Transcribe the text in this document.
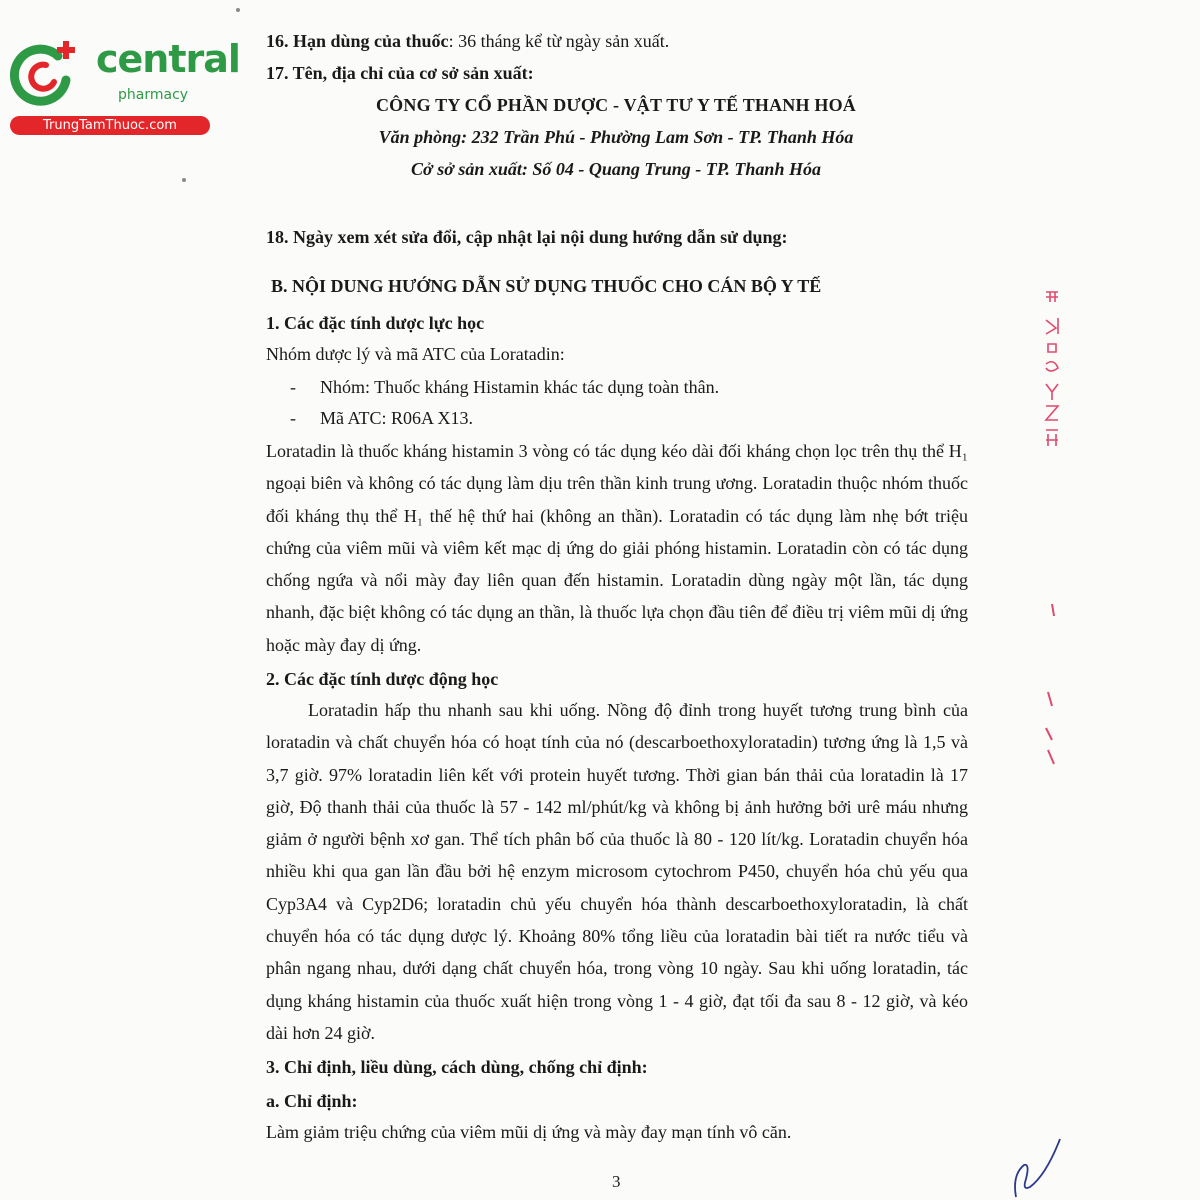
central
pharmacy
TrungTamThuoc.com
16. Hạn dùng của thuốc: 36 tháng kể từ ngày sản xuất.
17. Tên, địa chỉ của cơ sở sản xuất:
CÔNG TY CỔ PHẦN DƯỢC - VẬT TƯ Y TẾ THANH HOÁ
Văn phòng: 232 Trần Phú - Phường Lam Sơn - TP. Thanh Hóa
Cở sở sản xuất: Số 04 - Quang Trung - TP. Thanh Hóa
18. Ngày xem xét sửa đổi, cập nhật lại nội dung hướng dẫn sử dụng:
B. NỘI DUNG HƯỚNG DẪN SỬ DỤNG THUỐC CHO CÁN BỘ Y TẾ
1. Các đặc tính dược lực học
Nhóm dược lý và mã ATC của Loratadin:
- Nhóm: Thuốc kháng Histamin khác tác dụng toàn thân.
- Mã ATC: R06A X13.

Loratadin là thuốc kháng histamin 3 vòng có tác dụng kéo dài đối kháng chọn lọc trên thụ thể H₁ ngoại biên và không có tác dụng làm dịu trên thần kinh trung ương. Loratadin thuộc nhóm thuốc đối kháng thụ thể H₁ thế hệ thứ hai (không an thần). Loratadin có tác dụng làm nhẹ bớt triệu chứng của viêm mũi và viêm kết mạc dị ứng do giải phóng histamin. Loratadin còn có tác dụng chống ngứa và nổi mày đay liên quan đến histamin. Loratadin dùng ngày một lần, tác dụng nhanh, đặc biệt không có tác dụng an thần, là thuốc lựa chọn đầu tiên để điều trị viêm mũi dị ứng hoặc mày đay dị ứng.

2. Các đặc tính dược động học

Loratadin hấp thu nhanh sau khi uống. Nồng độ đỉnh trong huyết tương trung bình của loratadin và chất chuyển hóa có hoạt tính của nó (descarboethoxyloratadin) tương ứng là 1,5 và 3,7 giờ. 97% loratadin liên kết với protein huyết tương. Thời gian bán thải của loratadin là 17 giờ, Độ thanh thải của thuốc là 57 - 142 ml/phút/kg và không bị ảnh hưởng bởi urê máu nhưng giảm ở người bệnh xơ gan. Thể tích phân bố của thuốc là 80 - 120 lít/kg. Loratadin chuyển hóa nhiều khi qua gan lần đầu bởi hệ enzym microsom cytochrom P450, chuyển hóa chủ yếu qua Cyp3A4 và Cyp2D6; loratadin chủ yếu chuyển hóa thành descarboethoxyloratadin, là chất chuyển hóa có tác dụng dược lý. Khoảng 80% tổng liều của loratadin bài tiết ra nước tiểu và phân ngang nhau, dưới dạng chất chuyển hóa, trong vòng 10 ngày. Sau khi uống loratadin, tác dụng kháng histamin của thuốc xuất hiện trong vòng 1 - 4 giờ, đạt tối đa sau 8 - 12 giờ, và kéo dài hơn 24 giờ.

3. Chỉ định, liều dùng, cách dùng, chống chỉ định:
a. Chỉ định:
Làm giảm triệu chứng của viêm mũi dị ứng và mày đay mạn tính vô căn.
3
